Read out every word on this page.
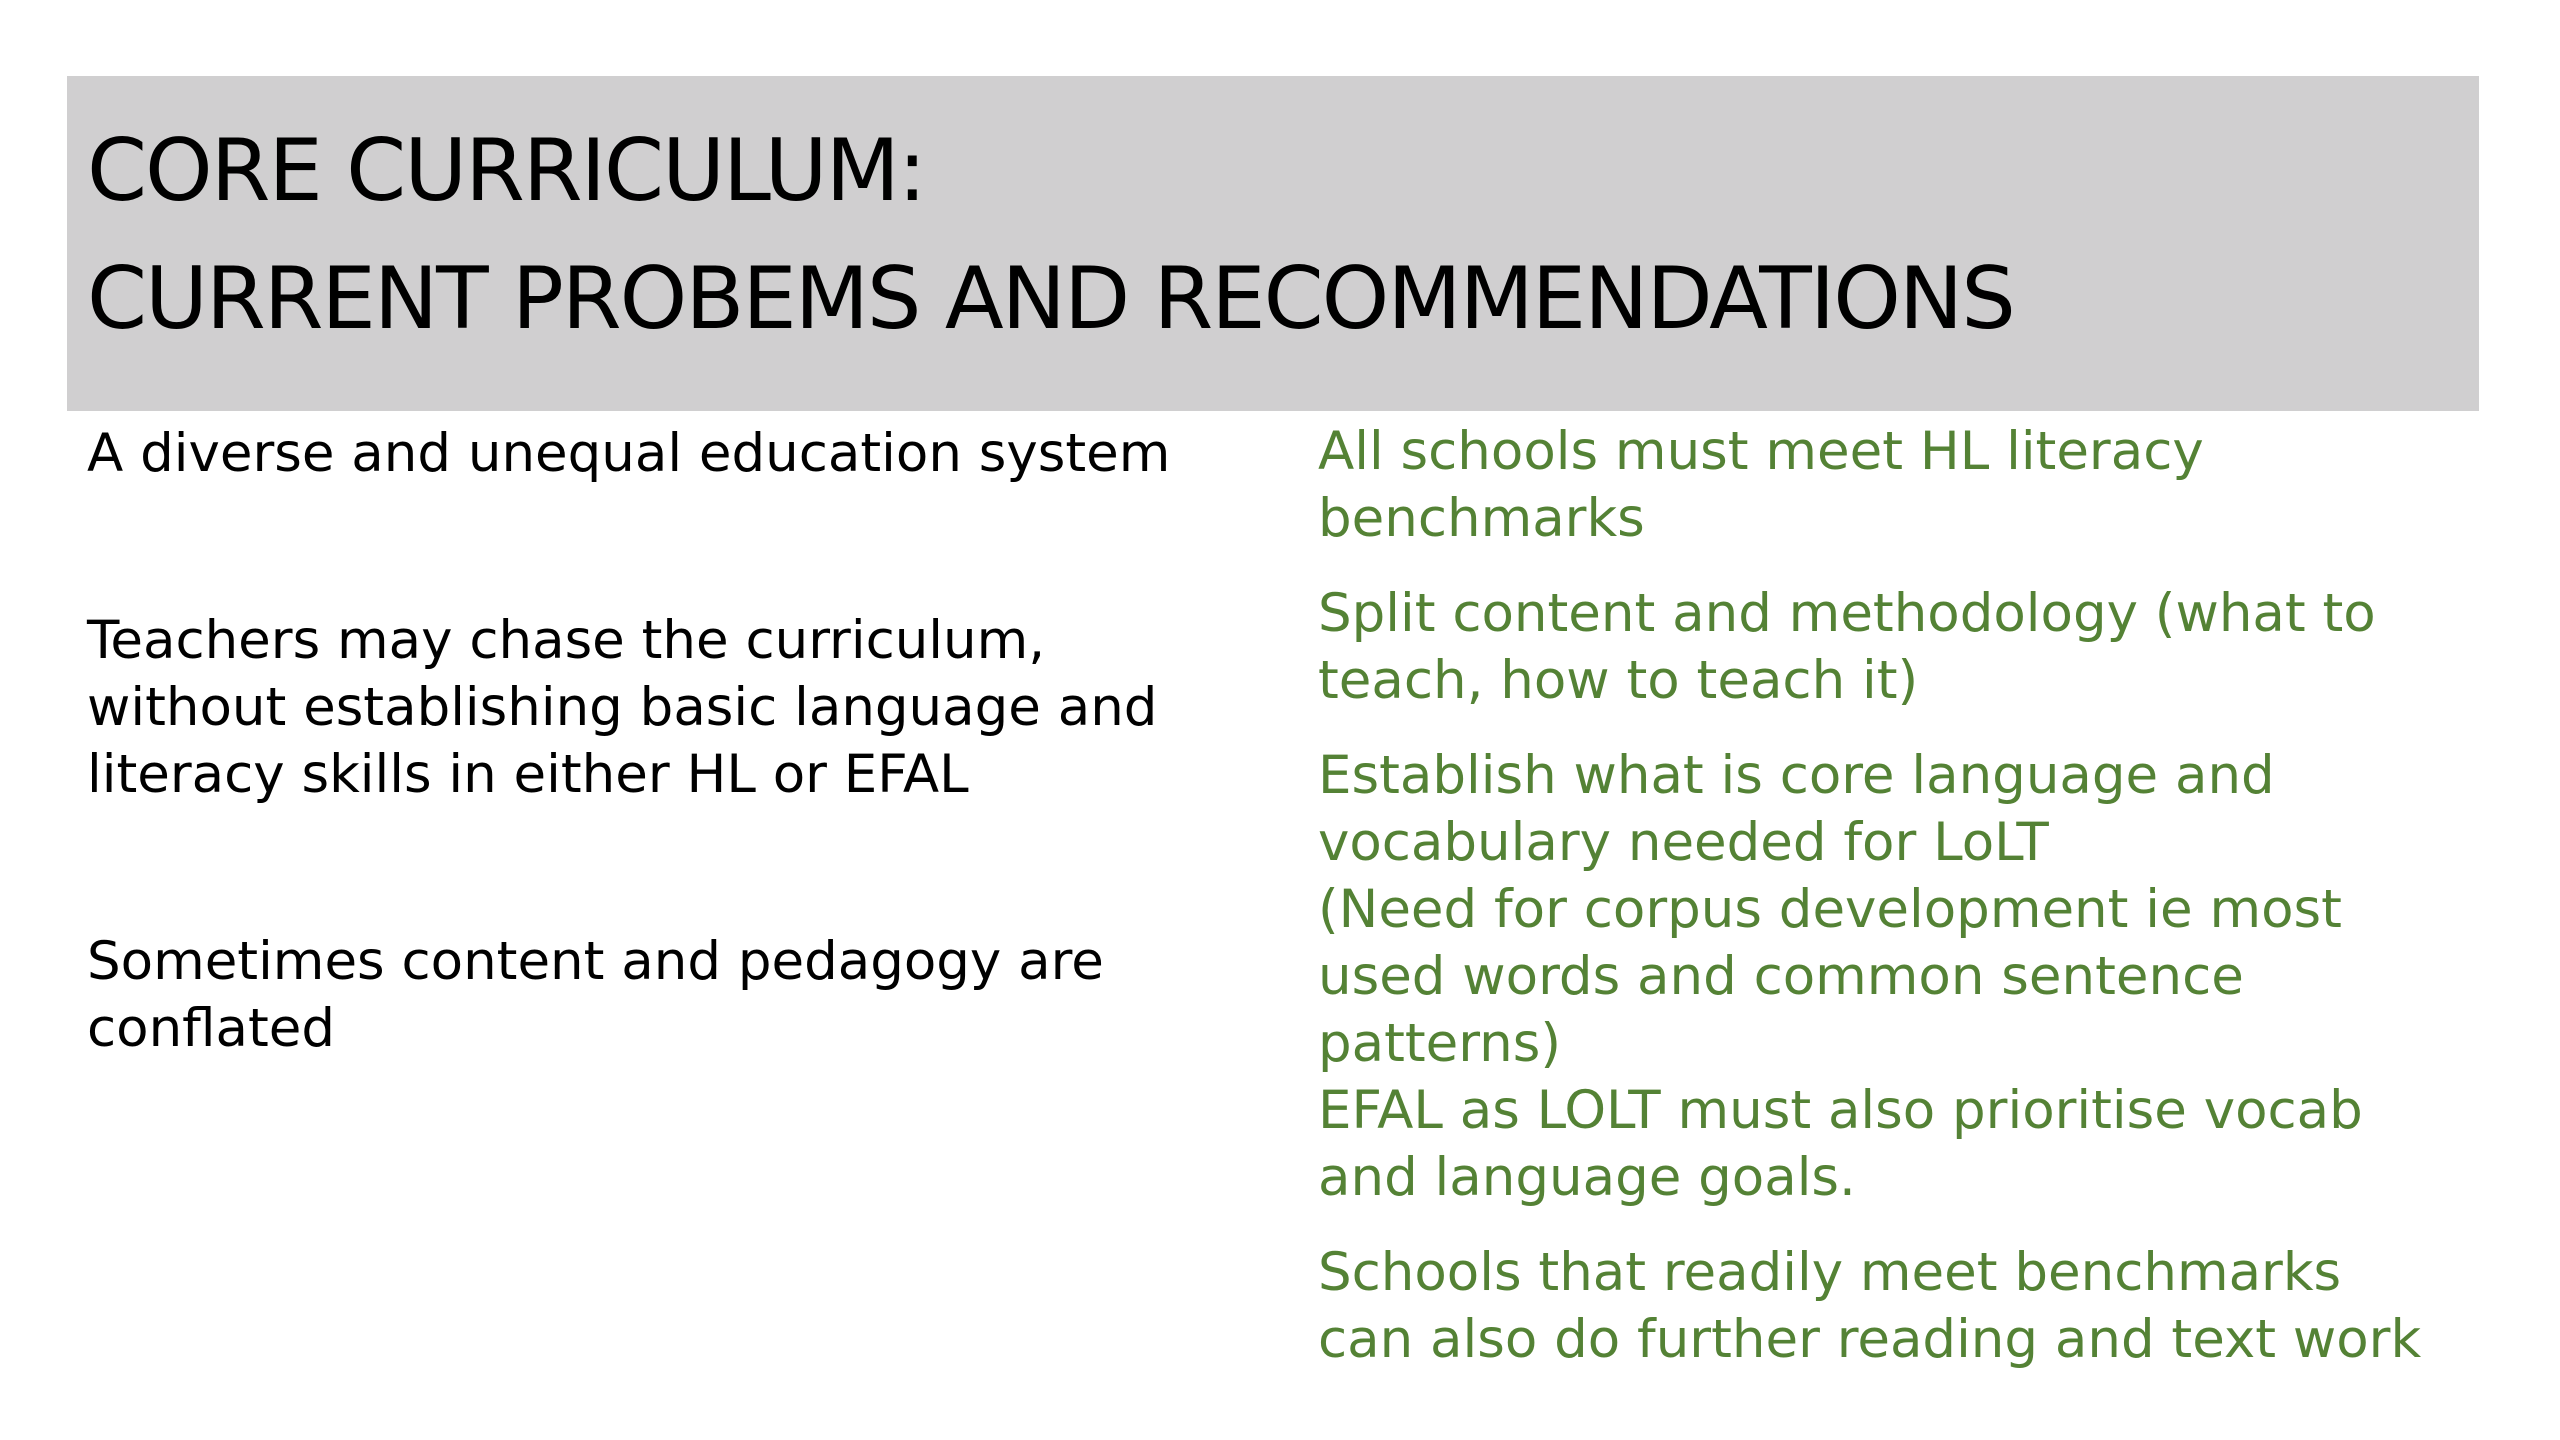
CORE CURRICULUM:
CURRENT PROBEMS AND RECOMMENDATIONS

A diverse and unequal education system

Teachers may chase the curriculum,
without establishing basic language and
literacy skills in either HL or EFAL

Sometimes content and pedagogy are
conflated

All schools must meet HL literacy
benchmarks

Split content and methodology (what to
teach, how to teach it)

Establish what is core language and
vocabulary needed for LoLT
(Need for corpus development ie most
used words and common sentence
patterns)
EFAL as LOLT must also prioritise vocab
and language goals.

Schools that readily meet benchmarks
can also do further reading and text work
